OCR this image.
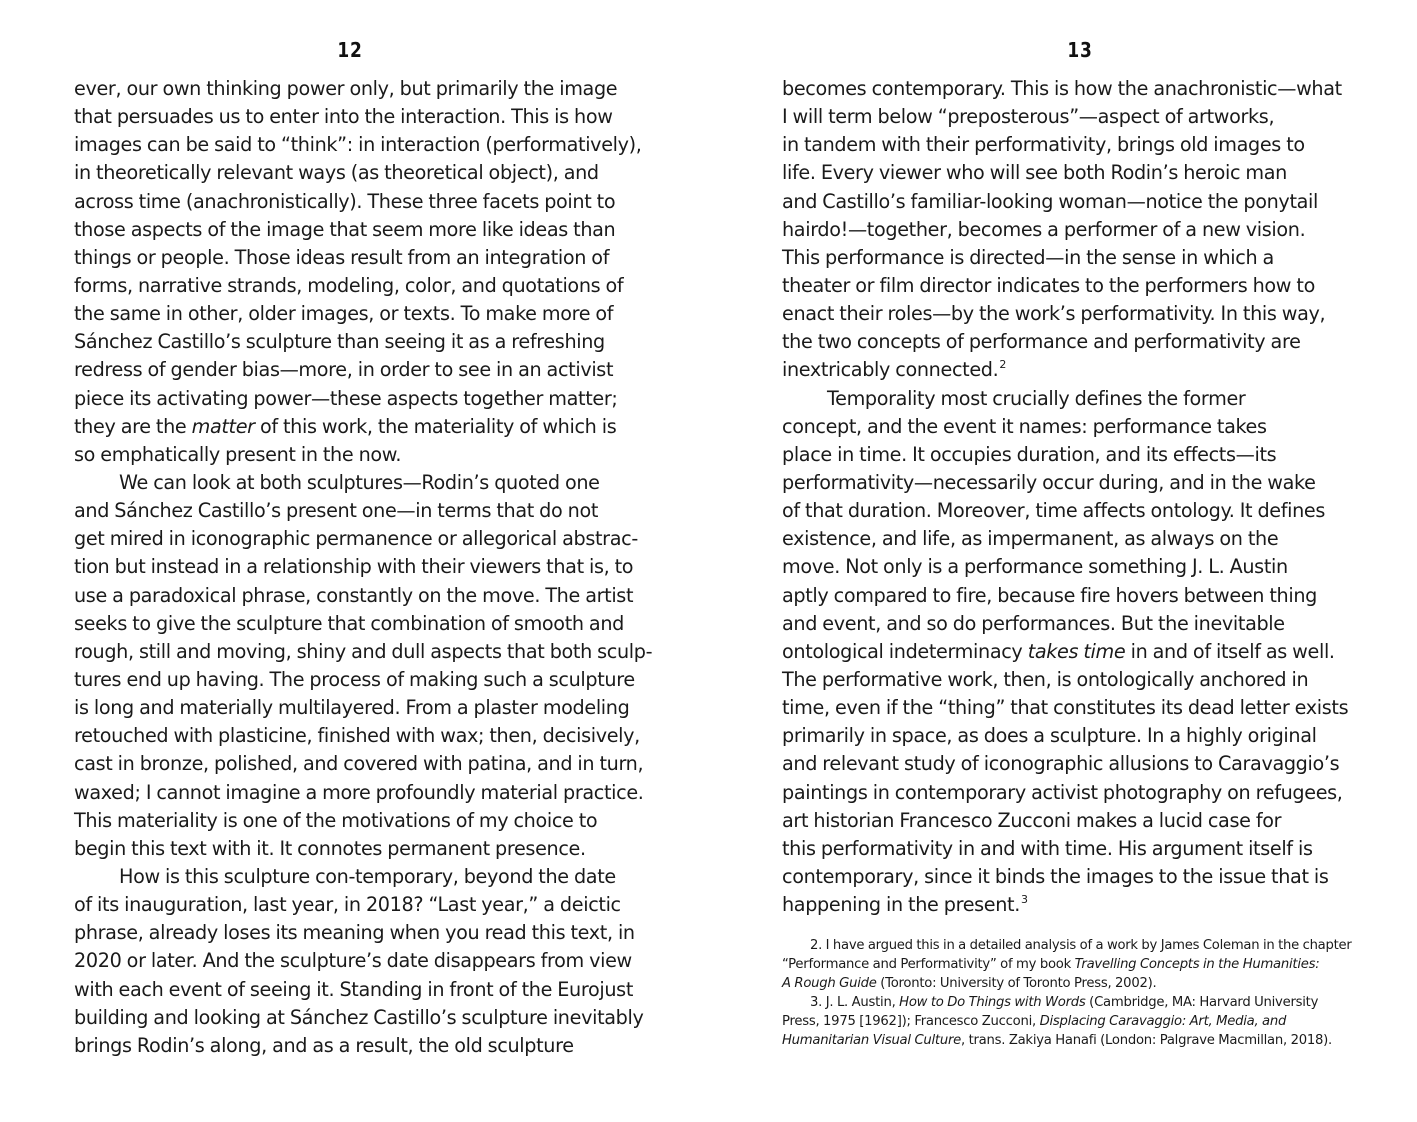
12
ever, our own thinking power only, but primarily the image
that persuades us to enter into the interaction. This is how
images can be said to “think”: in interaction (performatively),
in theoretically relevant ways (as theoretical object), and
across time (anachronistically). These three facets point to
those aspects of the image that seem more like ideas than
things or people. Those ideas result from an integration of
forms, narrative strands, modeling, color, and quotations of
the same in other, older images, or texts. To make more of
Sánchez Castillo’s sculpture than seeing it as a refreshing
redress of gender bias—more, in order to see in an activist
piece its activating power—these aspects together matter;
they are the matter of this work, the materiality of which is
so emphatically present in the now.
We can look at both sculptures—Rodin’s quoted one
and Sánchez Castillo’s present one—in terms that do not
get mired in iconographic permanence or allegorical abstrac-
tion but instead in a relationship with their viewers that is, to
use a paradoxical phrase, constantly on the move. The artist
seeks to give the sculpture that combination of smooth and
rough, still and moving, shiny and dull aspects that both sculp-
tures end up having. The process of making such a sculpture
is long and materially multilayered. From a plaster modeling
retouched with plasticine, finished with wax; then, decisively,
cast in bronze, polished, and covered with patina, and in turn,
waxed; I cannot imagine a more profoundly material practice.
This materiality is one of the motivations of my choice to
begin this text with it. It connotes permanent presence.
How is this sculpture con-temporary, beyond the date
of its inauguration, last year, in 2018? “Last year,” a deictic
phrase, already loses its meaning when you read this text, in
2020 or later. And the sculpture’s date disappears from view
with each event of seeing it. Standing in front of the Eurojust
building and looking at Sánchez Castillo’s sculpture inevitably
brings Rodin’s along, and as a result, the old sculpture
13
becomes contemporary. This is how the anachronistic—what
I will term below “preposterous”—aspect of artworks,
in tandem with their performativity, brings old images to
life. Every viewer who will see both Rodin’s heroic man
and Castillo’s familiar-looking woman—notice the ponytail
hairdo!—together, becomes a performer of a new vision.
This performance is directed—in the sense in which a
theater or film director indicates to the performers how to
enact their roles—by the work’s performativity. In this way,
the two concepts of performance and performativity are
inextricably connected.$^2$
Temporality most crucially defines the former
concept, and the event it names: performance takes
place in time. It occupies duration, and its effects—its
performativity—necessarily occur during, and in the wake
of that duration. Moreover, time affects ontology. It defines
existence, and life, as impermanent, as always on the
move. Not only is a performance something J. L. Austin
aptly compared to fire, because fire hovers between thing
and event, and so do performances. But the inevitable
ontological indeterminacy takes time in and of itself as well.
The performative work, then, is ontologically anchored in
time, even if the “thing” that constitutes its dead letter exists
primarily in space, as does a sculpture. In a highly original
and relevant study of iconographic allusions to Caravaggio’s
paintings in contemporary activist photography on refugees,
art historian Francesco Zucconi makes a lucid case for
this performativity in and with time. His argument itself is
contemporary, since it binds the images to the issue that is
happening in the present.$^3$
2. I have argued this in a detailed analysis of a work by James Coleman in the chapter
“Performance and Performativity” of my book Travelling Concepts in the Humanities:
A Rough Guide (Toronto: University of Toronto Press, 2002).
3. J. L. Austin, How to Do Things with Words (Cambridge, MA: Harvard University
Press, 1975 [1962]); Francesco Zucconi, Displacing Caravaggio: Art, Media, and
Humanitarian Visual Culture, trans. Zakiya Hanafi (London: Palgrave Macmillan, 2018).
